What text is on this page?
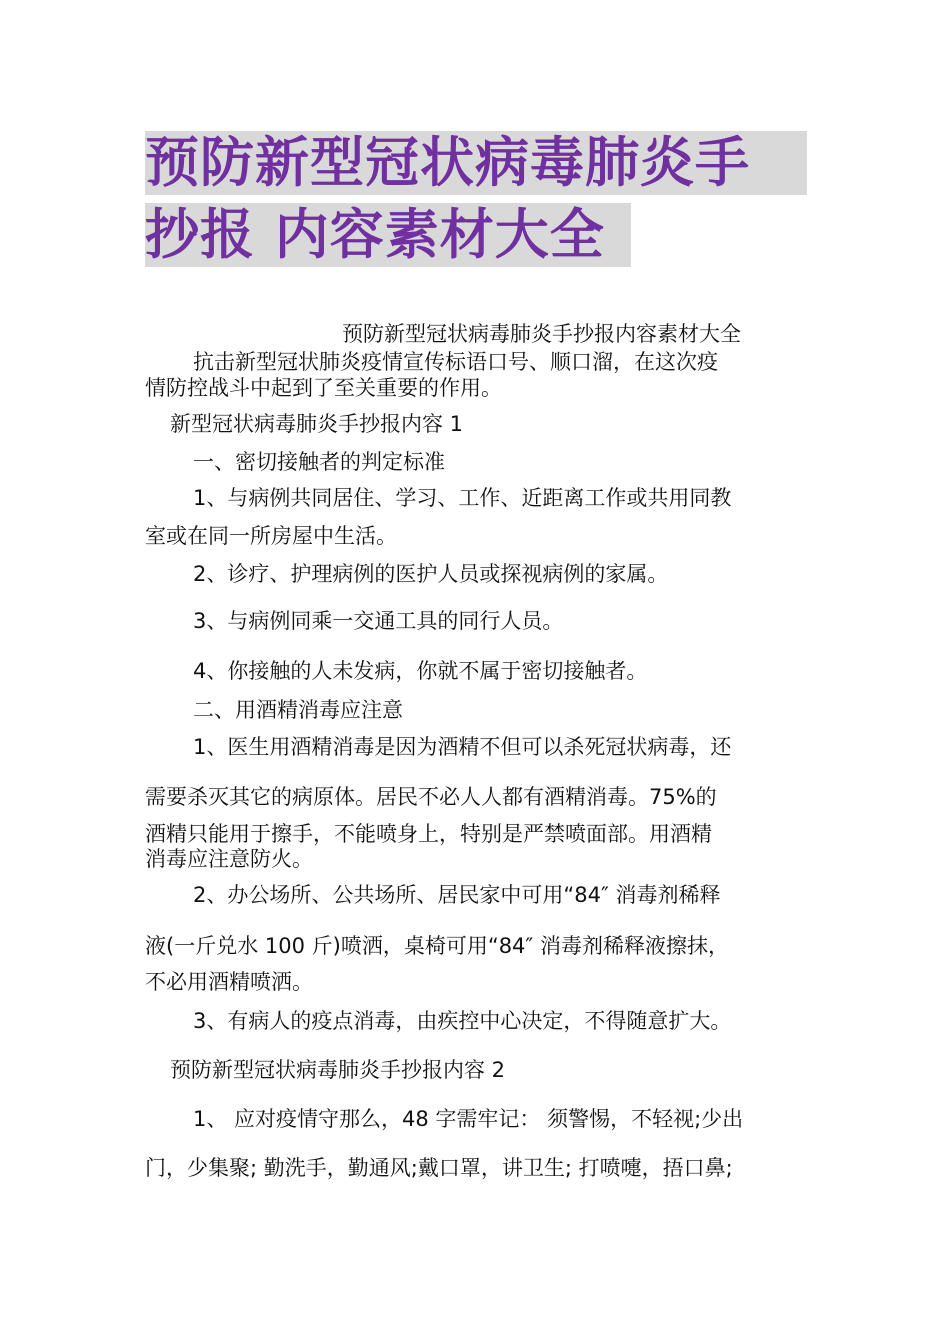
预防新型冠状病毒肺炎手
抄报 内容素材大全
预防新型冠状病毒肺炎手抄报内容素材大全
抗击新型冠状肺炎疫情宣传标语口号、顺口溜，在这次疫
情防控战斗中起到了至关重要的作用。
新型冠状病毒肺炎手抄报内容 1
一、密切接触者的判定标准
1、与病例共同居住、学习、工作、近距离工作或共用同教
室或在同一所房屋中生活。
2、诊疗、护理病例的医护人员或探视病例的家属。
3、与病例同乘一交通工具的同行人员。
4、你接触的人未发病，你就不属于密切接触者。
二、用酒精消毒应注意
1、医生用酒精消毒是因为酒精不但可以杀死冠状病毒，还
需要杀灭其它的病原体。居民不必人人都有酒精消毒。75%的
酒精只能用于擦手，不能喷身上，特别是严禁喷面部。用酒精
消毒应注意防火。
2、办公场所、公共场所、居民家中可用“84″ 消毒剂稀释
液(一斤兑水 100 斤)喷洒，桌椅可用“84″ 消毒剂稀释液擦抹，
不必用酒精喷洒。
3、有病人的疫点消毒，由疾控中心决定，不得随意扩大。
预防新型冠状病毒肺炎手抄报内容 2
1、 应对疫情守那么，48 字需牢记： 须警惕，不轻视;少出
门，少集聚; 勤洗手，勤通风;戴口罩，讲卫生; 打喷嚏，捂口鼻;
